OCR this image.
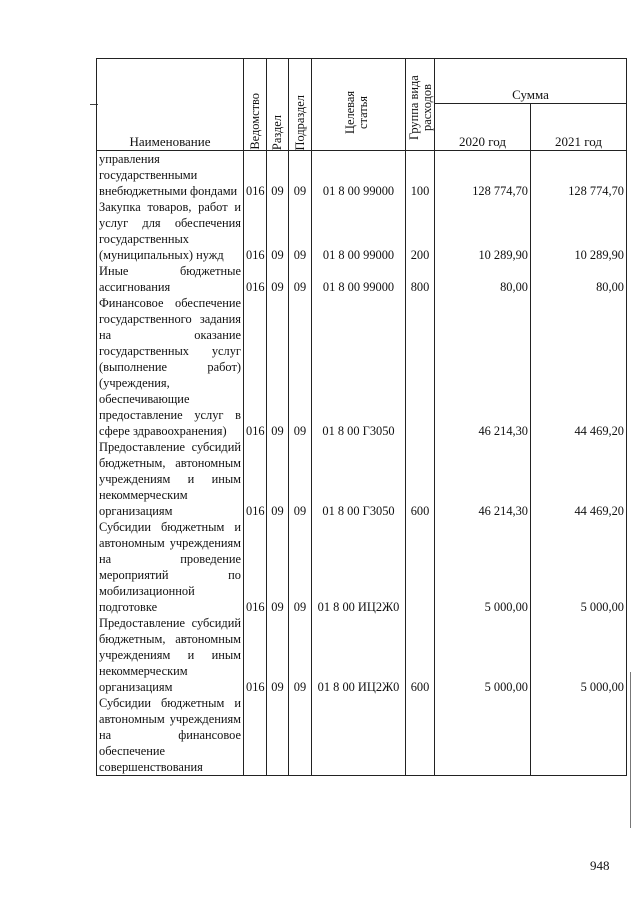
Наименование	Ведомство	Раздел	Подраздел	Целевая статья	Группа вида расходов	Сумма	
						2020 год	2021 год
управления государственными внебюджетными фондами	016	09	09	01 8 00 99000	100	128 774,70	128 774,70
Закупка товаров, работ и услуг для обеспечения государственных (муниципальных) нужд	016	09	09	01 8 00 99000	200	10 289,90	10 289,90
Иные бюджетные ассигнования	016	09	09	01 8 00 99000	800	80,00	80,00
Финансовое обеспечение государственного задания на оказание государственных услуг (выполнение работ) (учреждения, обеспечивающие предоставление услуг в сфере здравоохранения)	016	09	09	01 8 00 Г3050		46 214,30	44 469,20
Предоставление субсидий бюджетным, автономным учреждениям и иным некоммерческим организациям	016	09	09	01 8 00 Г3050	600	46 214,30	44 469,20
Субсидии бюджетным и автономным учреждениям на проведение мероприятий по мобилизационной подготовке	016	09	09	01 8 00 ИЦ2Ж0		5 000,00	5 000,00
Предоставление субсидий бюджетным, автономным учреждениям и иным некоммерческим организациям	016	09	09	01 8 00 ИЦ2Ж0	600	5 000,00	5 000,00
Субсидии бюджетным и автономным учреждениям на финансовое обеспечение совершенствования							
948
